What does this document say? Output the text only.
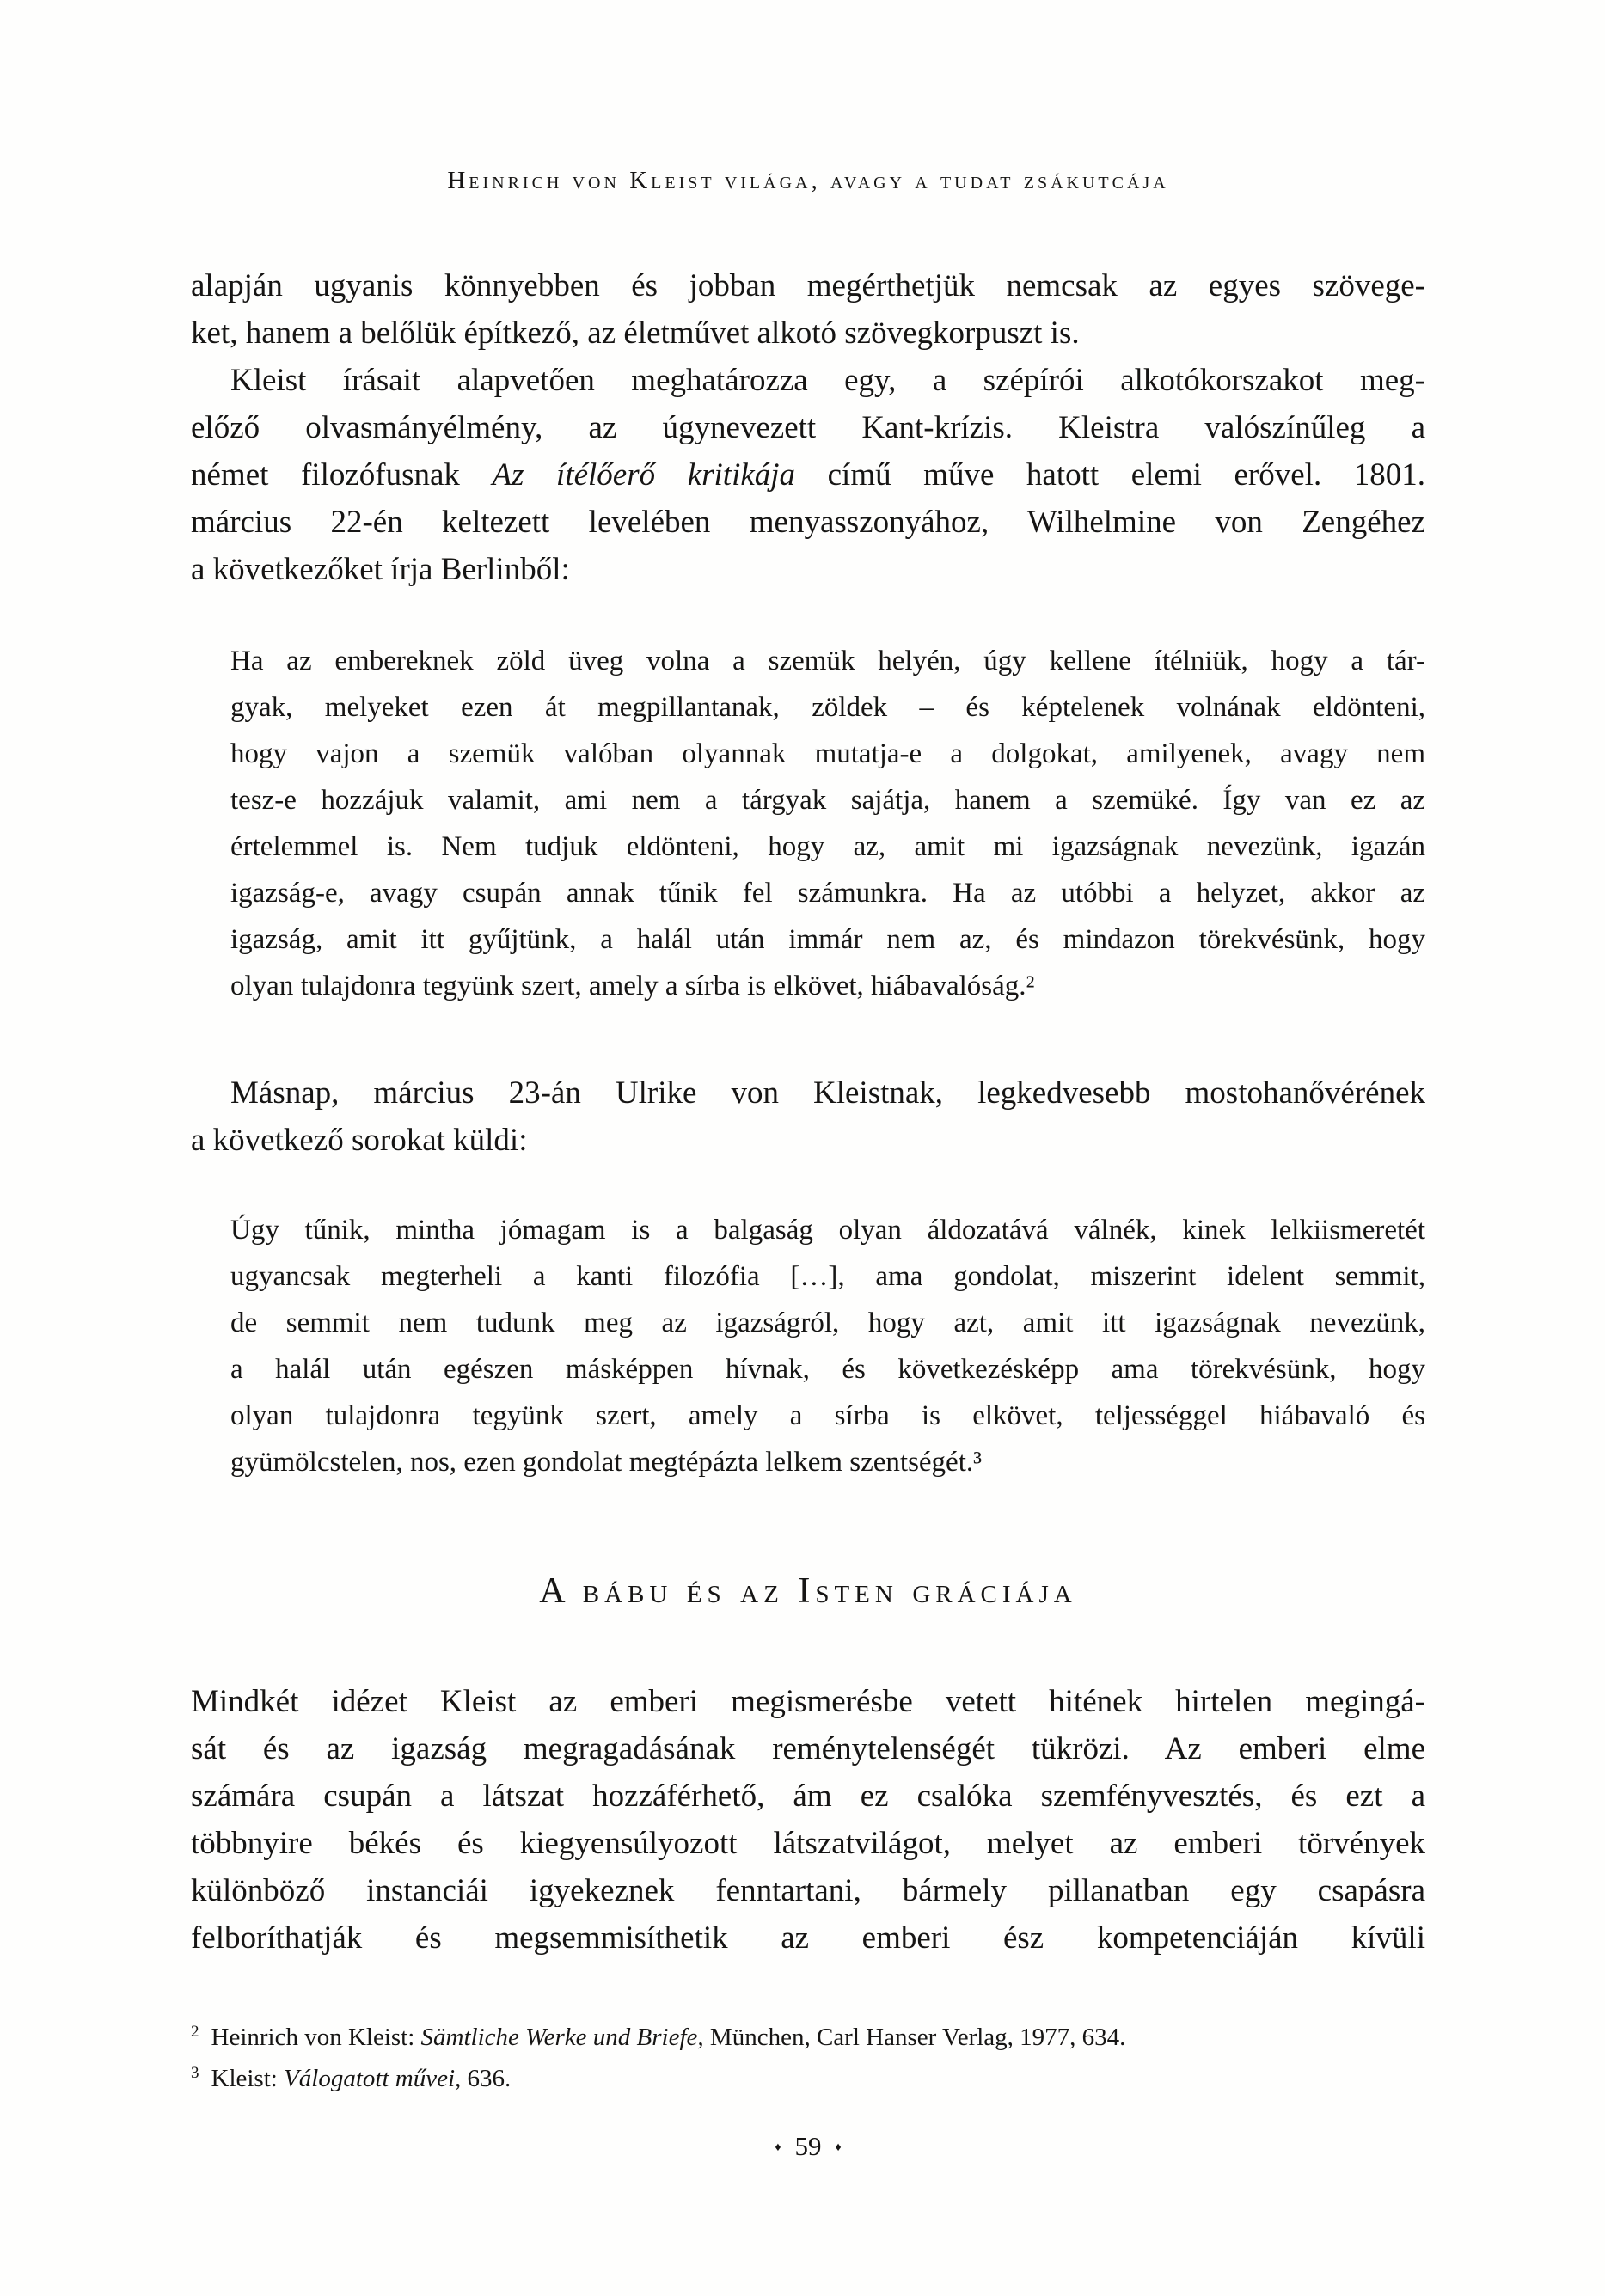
Heinrich von Kleist világa, avagy a tudat zsákutcája
alapján ugyanis könnyebben és jobban megérthetjük nemcsak az egyes szövege-
ket, hanem a belőlük építkező, az életművet alkotó szövegkorpuszt is.
Kleist írásait alapvetően meghatározza egy, a szépírói alkotókorszakot meg-
előző olvasmányélmény, az úgynevezett Kant-krízis. Kleistra valószínűleg a
német filozófusnak Az ítélőerő kritikája című műve hatott elemi erővel. 1801.
március 22-én keltezett levelében menyasszonyához, Wilhelmine von Zengéhez
a következőket írja Berlinből:
Ha az embereknek zöld üveg volna a szemük helyén, úgy kellene ítélniük, hogy a tár-
gyak, melyeket ezen át megpillantanak, zöldek – és képtelenek volnának eldönteni,
hogy vajon a szemük valóban olyannak mutatja-e a dolgokat, amilyenek, avagy nem
tesz-e hozzájuk valamit, ami nem a tárgyak sajátja, hanem a szemüké. Így van ez az
értelemmel is. Nem tudjuk eldönteni, hogy az, amit mi igazságnak nevezünk, igazán
igazság-e, avagy csupán annak tűnik fel számunkra. Ha az utóbbi a helyzet, akkor az
igazság, amit itt gyűjtünk, a halál után immár nem az, és mindazon törekvésünk, hogy
olyan tulajdonra tegyünk szert, amely a sírba is elkövet, hiábavalóság.²
Másnap, március 23-án Ulrike von Kleistnak, legkedvesebb mostohanővérének
a következő sorokat küldi:
Úgy tűnik, mintha jómagam is a balgaság olyan áldozatává válnék, kinek lelkiismeretét
ugyancsak megterheli a kanti filozófia […], ama gondolat, miszerint idelent semmit,
de semmit nem tudunk meg az igazságról, hogy azt, amit itt igazságnak nevezünk,
a halál után egészen másképpen hívnak, és következésképp ama törekvésünk, hogy
olyan tulajdonra tegyünk szert, amely a sírba is elkövet, teljességgel hiábavaló és
gyümölcstelen, nos, ezen gondolat megtépázta lelkem szentségét.³
A bábu és az Isten gráciája
Mindkét idézet Kleist az emberi megismerésbe vetett hitének hirtelen megingá-
sát és az igazság megragadásának reménytelenségét tükrözi. Az emberi elme
számára csupán a látszat hozzáférhető, ám ez csalóka szemfényvesztés, és ezt a
többnyire békés és kiegyensúlyozott látszatvilágot, melyet az emberi törvények
különböző instanciái igyekeznek fenntartani, bármely pillanatban egy csapásra
felboríthatják és megsemmisíthetik az emberi ész kompetenciáján kívüli
2 Heinrich von Kleist: Sämtliche Werke und Briefe, München, Carl Hanser Verlag, 1977, 634.
3 Kleist: Válogatott művei, 636.
♦ 59 ♦
